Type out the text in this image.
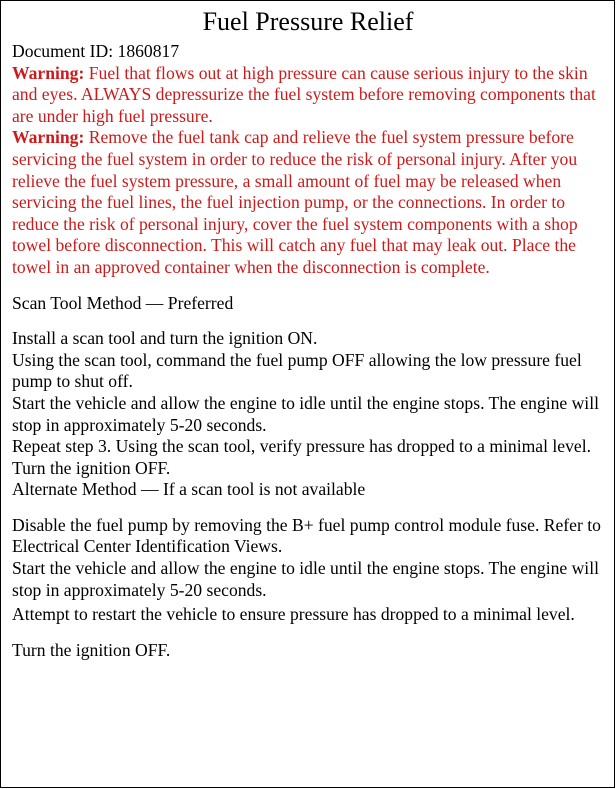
Fuel Pressure Relief

Document ID: 1860817

Warning: Fuel that flows out at high pressure can cause serious injury to the skin and eyes. ALWAYS depressurize the fuel system before removing components that are under high fuel pressure.

Warning: Remove the fuel tank cap and relieve the fuel system pressure before servicing the fuel system in order to reduce the risk of personal injury. After you relieve the fuel system pressure, a small amount of fuel may be released when servicing the fuel lines, the fuel injection pump, or the connections. In order to reduce the risk of personal injury, cover the fuel system components with a shop towel before disconnection. This will catch any fuel that may leak out. Place the towel in an approved container when the disconnection is complete.

Scan Tool Method — Preferred

Install a scan tool and turn the ignition ON.

Using the scan tool, command the fuel pump OFF allowing the low pressure fuel pump to shut off.

Start the vehicle and allow the engine to idle until the engine stops. The engine will stop in approximately 5-20 seconds.

Repeat step 3. Using the scan tool, verify pressure has dropped to a minimal level.

Turn the ignition OFF.

Alternate Method — If a scan tool is not available

Disable the fuel pump by removing the B+ fuel pump control module fuse. Refer to Electrical Center Identification Views.

Start the vehicle and allow the engine to idle until the engine stops. The engine will stop in approximately 5-20 seconds.

Attempt to restart the vehicle to ensure pressure has dropped to a minimal level.

Turn the ignition OFF.
